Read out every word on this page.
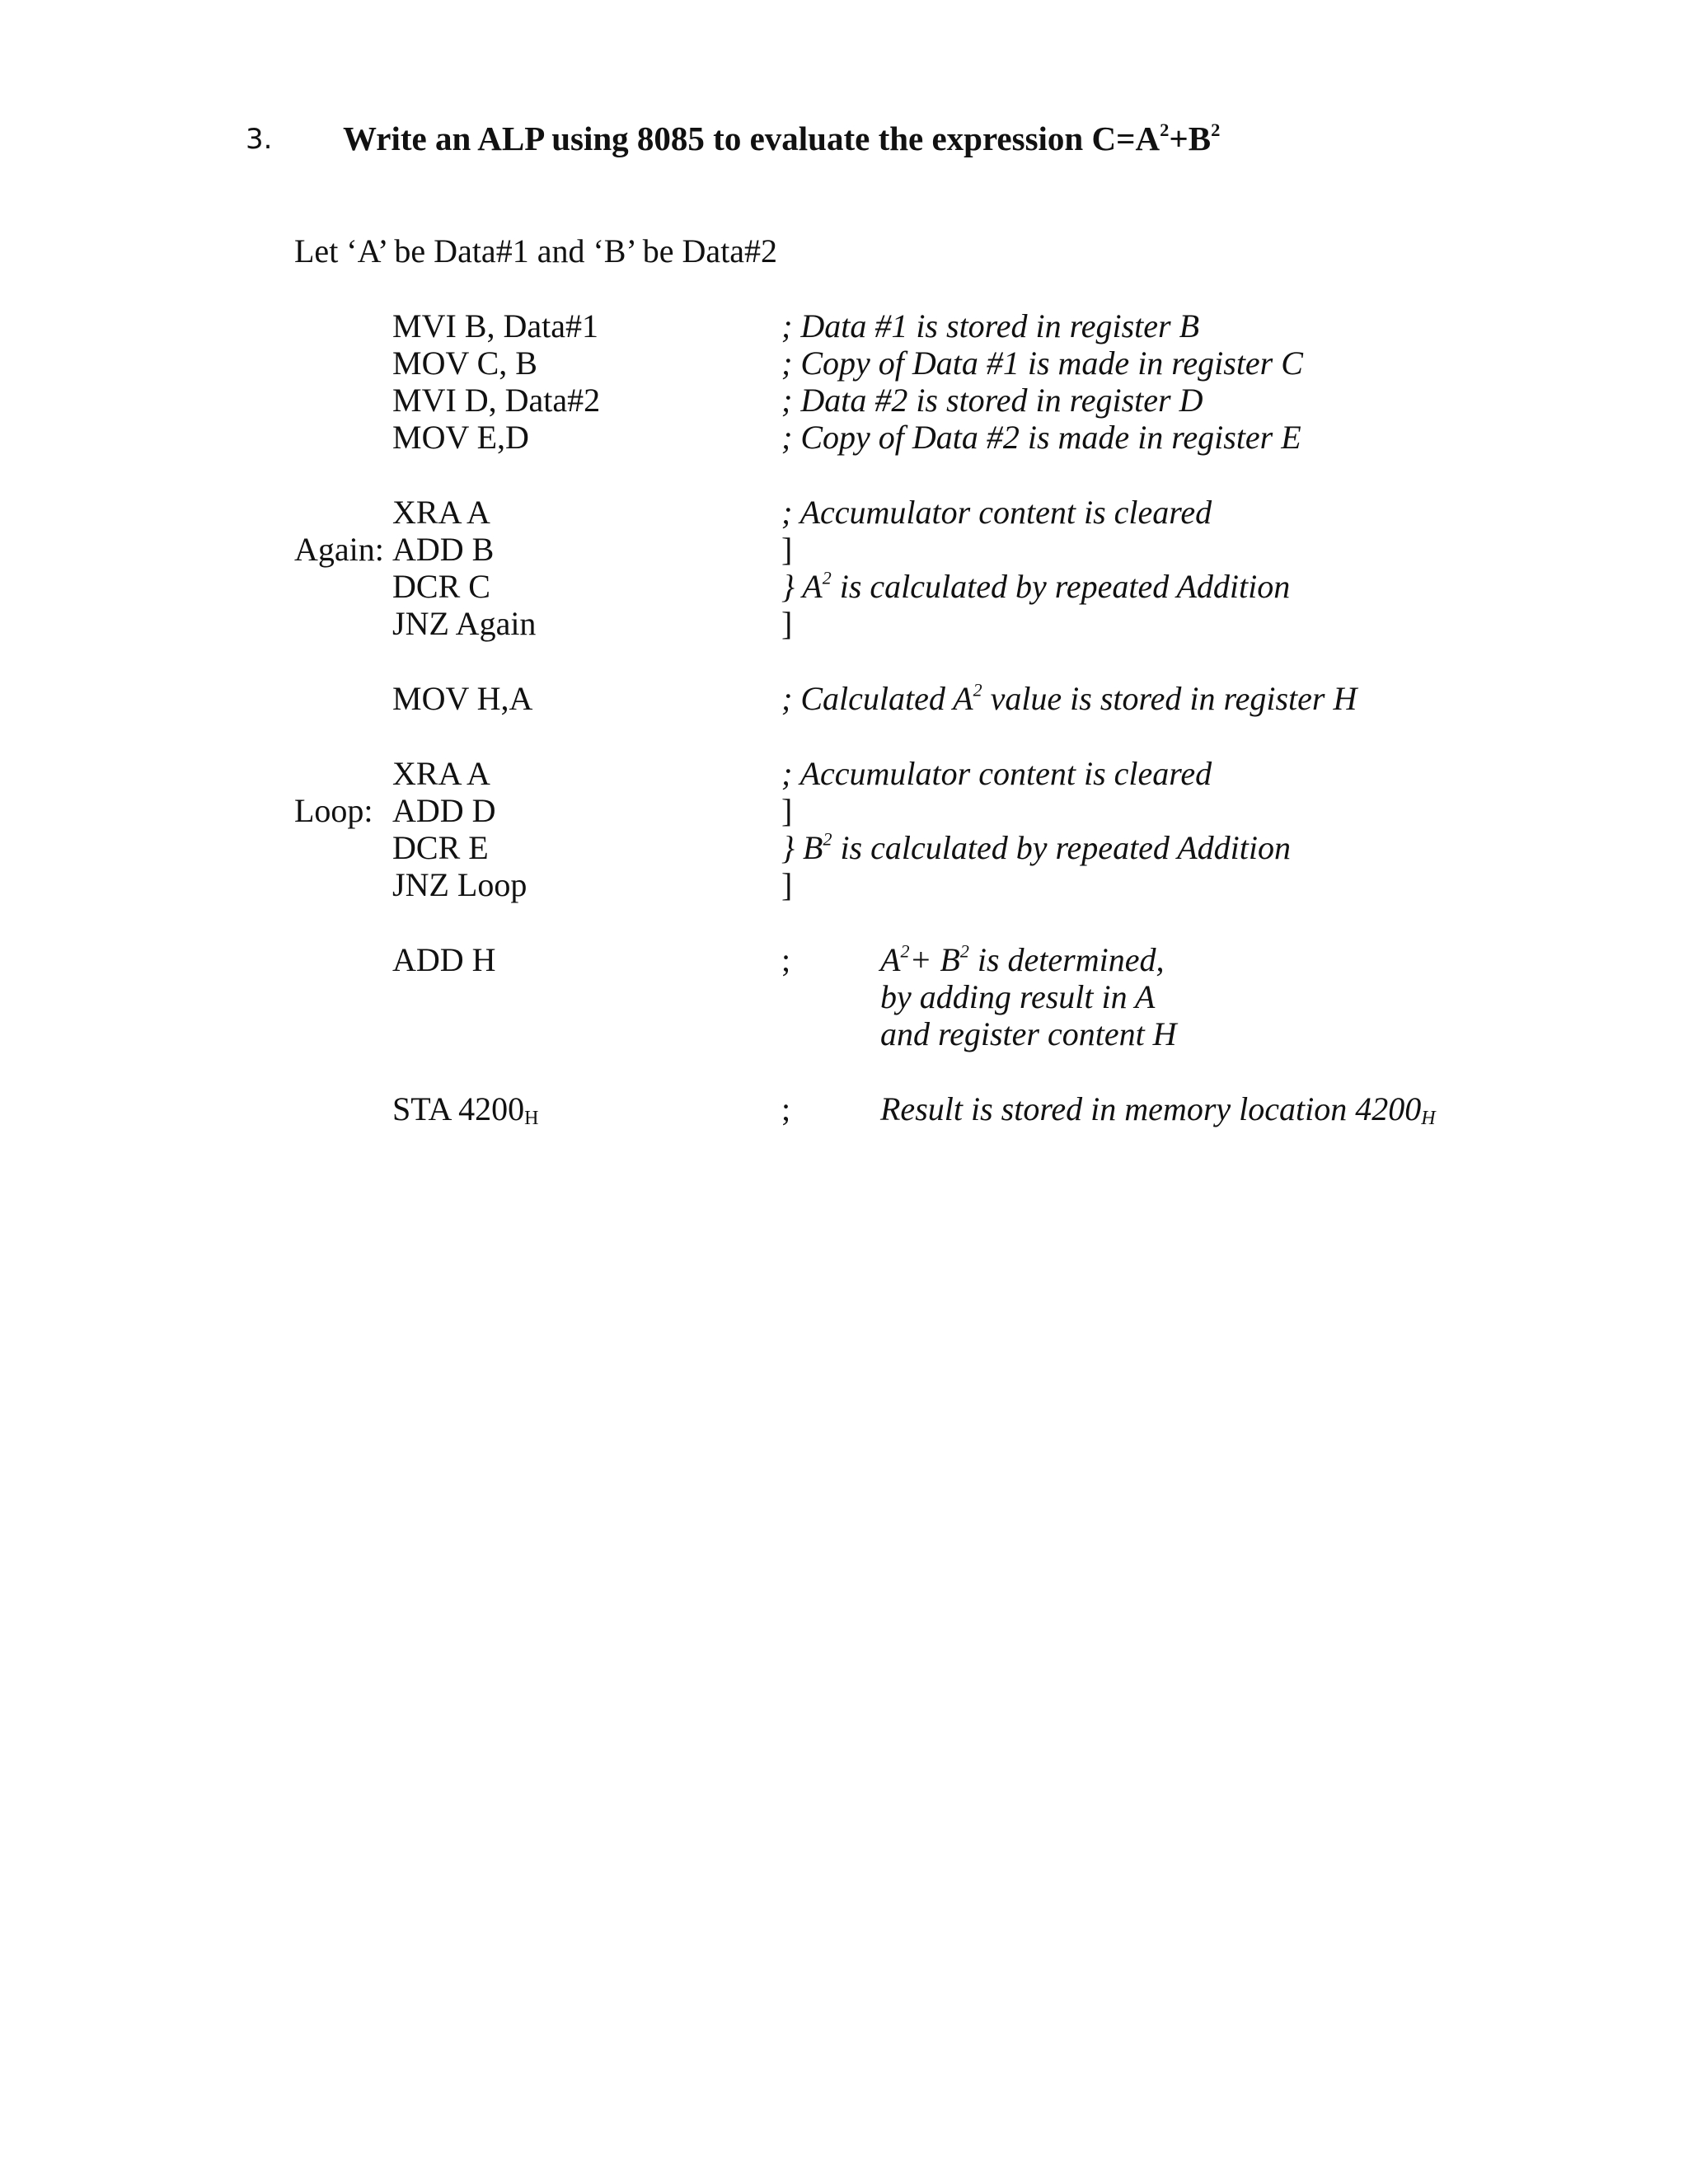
3. Write an ALP using 8085 to evaluate the expression $C=A^2+B^2$
Let ‘A’ be Data#1 and ‘B’ be Data#2
MVI B, Data#1	; Data #1 is stored in register B
MOV C, B	; Copy of Data #1 is made in register C
MVI D, Data#2	; Data #2 is stored in register D
MOV E,D	; Copy of Data #2 is made in register E
XRA A	; Accumulator content is cleared
Again: ADD B	]
DCR C	} $A^2$ is calculated by repeated Addition
JNZ Again	]
MOV H,A	; Calculated $A^2$ value is stored in register H
XRA A	; Accumulator content is cleared
Loop: ADD D	]
DCR E	} $B^2$ is calculated by repeated Addition
JNZ Loop	]
ADD H	;	$A^2+ B^2$ is determined,
by adding result in A
and register content H
STA $4200_H$	;	Result is stored in memory location $4200_H$
